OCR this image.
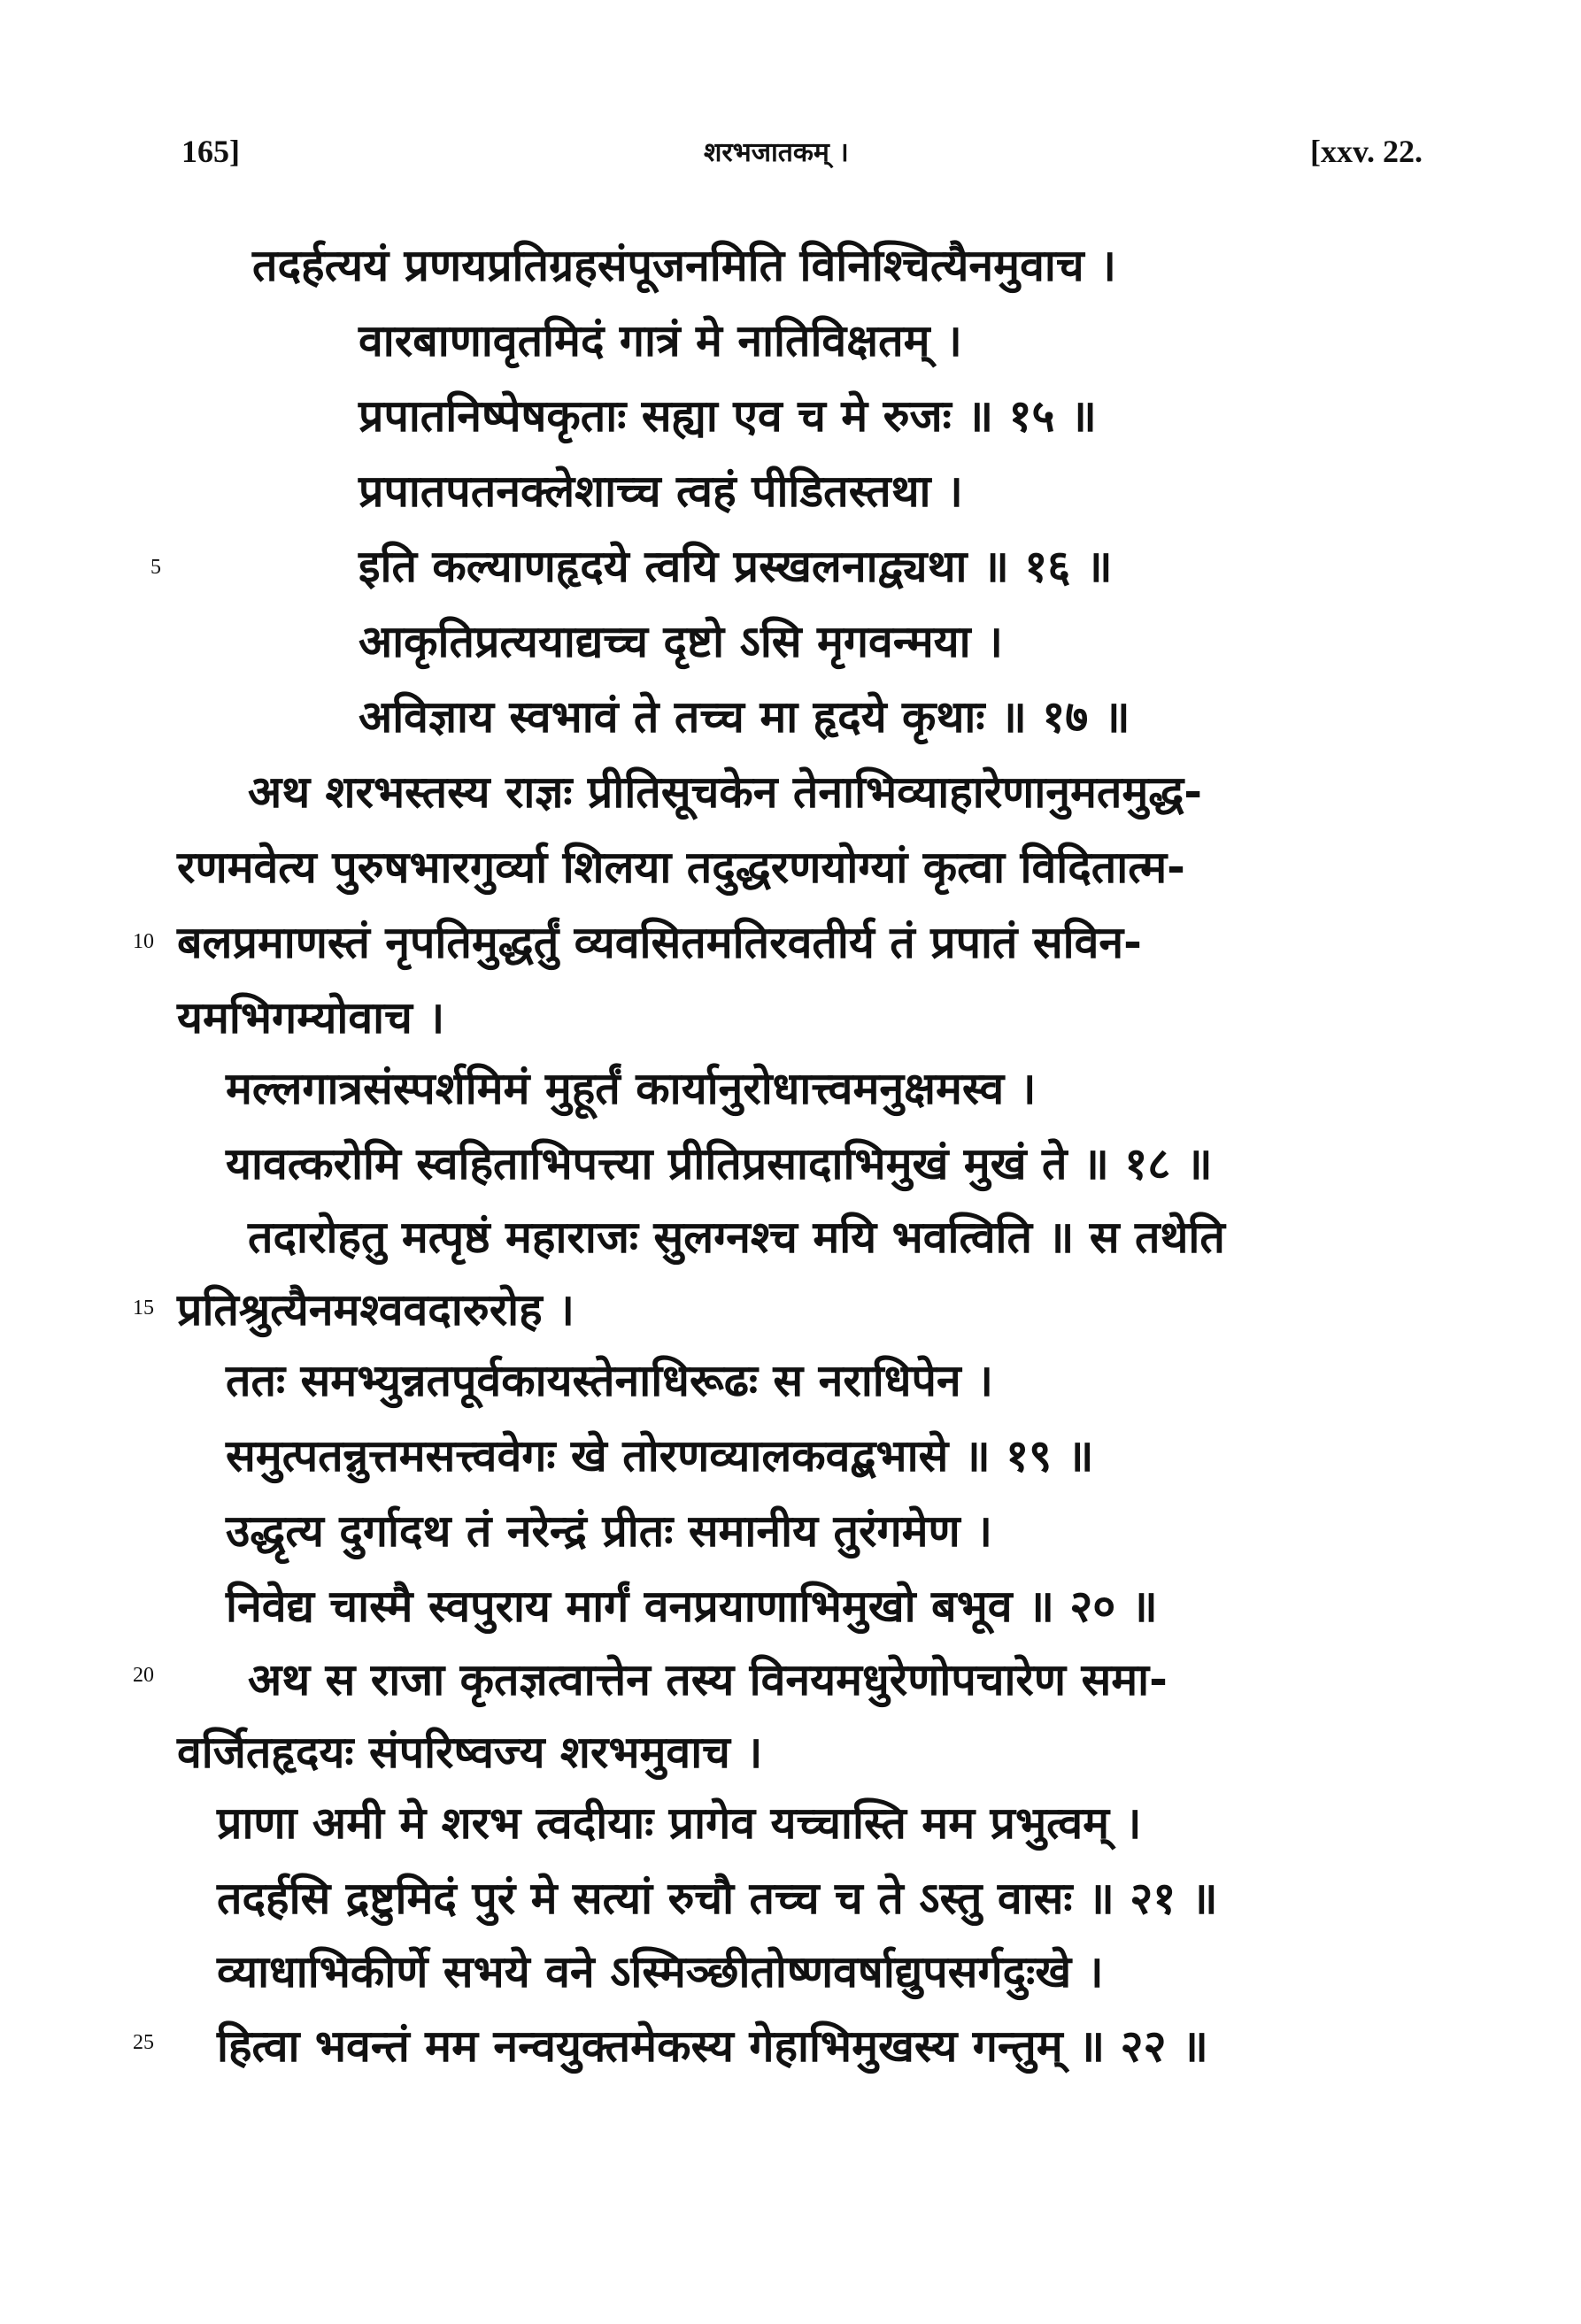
165]	शरभजातकम् ।	[xxv. 22.
5
10
15
20
25
तदर्हत्ययं प्रणयप्रतिग्रहसंपूजनमिति विनिश्चित्यैनमुवाच ।
वारबाणावृतमिदं गात्रं मे नातिविक्षतम् ।
प्रपातनिष्पेषकृताः सह्या एव च मे रुजः ॥ १५ ॥
प्रपातपतनक्लेशाच्च त्वहं पीडितस्तथा ।
इति कल्याणहृदये त्वयि प्रस्खलनाद्व्यथा ॥ १६ ॥
आकृतिप्रत्ययाद्यच्च दृष्टो ऽसि मृगवन्मया ।
अविज्ञाय स्वभावं ते तच्च मा हृदये कृथाः ॥ १७ ॥
अथ शरभस्तस्य राज्ञः प्रीतिसूचकेन तेनाभिव्याहारेणानुमतमुद्ध-
रणमवेत्य पुरुषभारगुर्व्या शिलया तदुद्धरणयोग्यां कृत्वा विदितात्म-
बलप्रमाणस्तं नृपतिमुद्धर्तुं व्यवसितमतिरवतीर्य तं प्रपातं सविन-
यमभिगम्योवाच ।
मल्लगात्रसंस्पर्शमिमं मुहूर्तं कार्यानुरोधात्त्वमनुक्षमस्व ।
यावत्करोमि स्वहिताभिपत्त्या प्रीतिप्रसादाभिमुखं मुखं ते ॥ १८ ॥
तदारोहतु मत्पृष्ठं महाराजः सुलग्नश्च मयि भवत्विति ॥ स तथेति
प्रतिश्रुत्यैनमश्ववदारुरोह ।
ततः समभ्युन्नतपूर्वकायस्तेनाधिरूढः स नराधिपेन ।
समुत्पतन्नुत्तमसत्त्ववेगः खे तोरणव्यालकवद्बभासे ॥ १९ ॥
उद्धृत्य दुर्गादथ तं नरेन्द्रं प्रीतः समानीय तुरंगमेण ।
निवेद्य चास्मै स्वपुराय मार्गं वनप्रयाणाभिमुखो बभूव ॥ २० ॥
अथ स राजा कृतज्ञत्वात्तेन तस्य विनयमधुरेणोपचारेण समा-
वर्जितहृदयः संपरिष्वज्य शरभमुवाच ।
प्राणा अमी मे शरभ त्वदीयाः प्रागेव यच्चास्ति मम प्रभुत्वम् ।
तदर्हसि द्रष्टुमिदं पुरं मे सत्यां रुचौ तच्च च ते ऽस्तु वासः ॥ २१ ॥
व्याधाभिकीर्णे सभये वने ऽस्मिञ्छीतोष्णवर्षाद्युपसर्गदुःखे ।
हित्वा भवन्तं मम नन्वयुक्तमेकस्य गेहाभिमुखस्य गन्तुम् ॥ २२ ॥
